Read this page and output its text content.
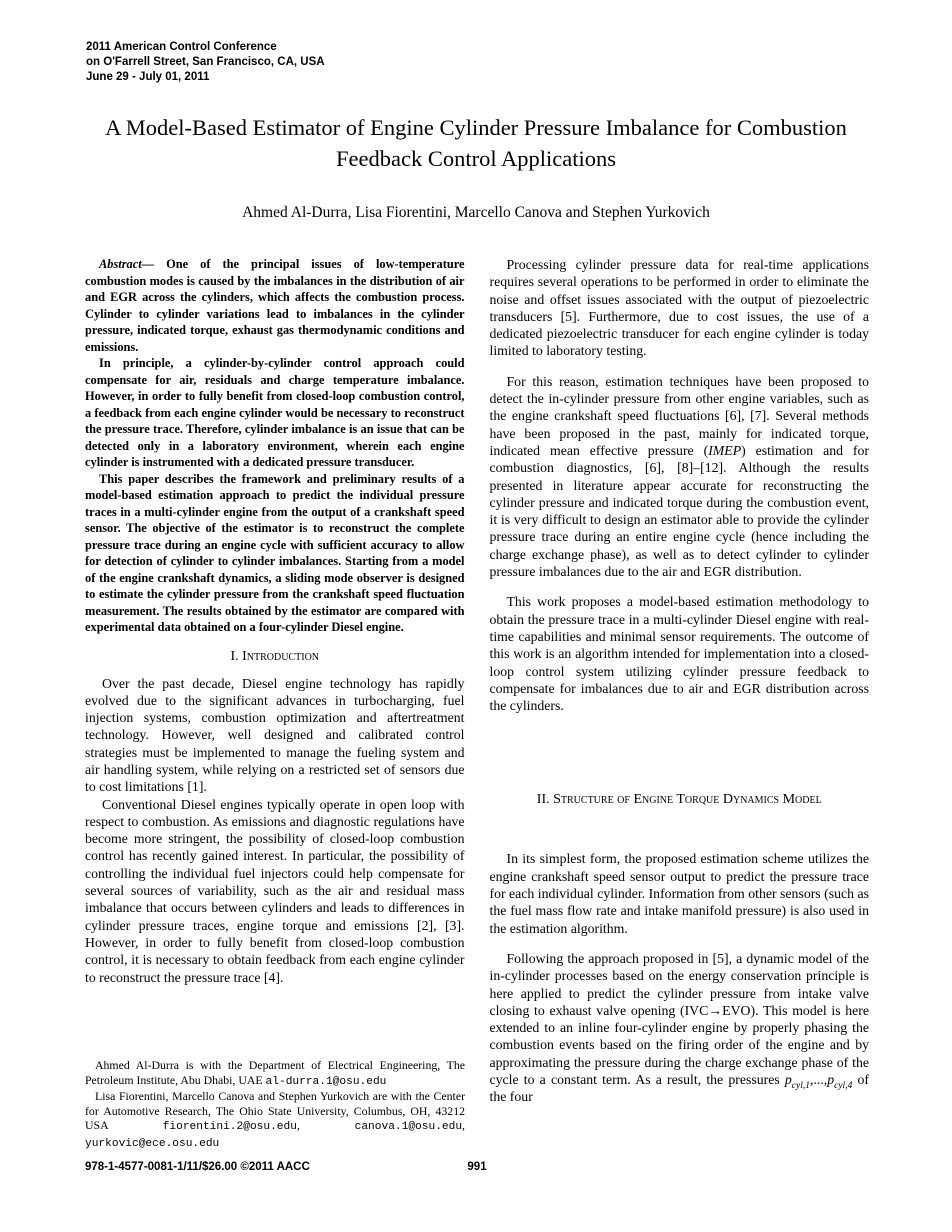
2011 American Control Conference
on O'Farrell Street, San Francisco, CA, USA
June 29 - July 01, 2011
A Model-Based Estimator of Engine Cylinder Pressure Imbalance for Combustion Feedback Control Applications
Ahmed Al-Durra, Lisa Fiorentini, Marcello Canova and Stephen Yurkovich

Abstract— One of the principal issues of low-temperature combustion modes is caused by the imbalances in the distribution of air and EGR across the cylinders, which affects the combustion process. Cylinder to cylinder variations lead to imbalances in the cylinder pressure, indicated torque, exhaust gas thermodynamic conditions and emissions.

In principle, a cylinder-by-cylinder control approach could compensate for air, residuals and charge temperature imbalance. However, in order to fully benefit from closed-loop combustion control, a feedback from each engine cylinder would be necessary to reconstruct the pressure trace. Therefore, cylinder imbalance is an issue that can be detected only in a laboratory environment, wherein each engine cylinder is instrumented with a dedicated pressure transducer.

This paper describes the framework and preliminary results of a model-based estimation approach to predict the individual pressure traces in a multi-cylinder engine from the output of a crankshaft speed sensor. The objective of the estimator is to reconstruct the complete pressure trace during an engine cycle with sufficient accuracy to allow for detection of cylinder to cylinder imbalances. Starting from a model of the engine crankshaft dynamics, a sliding mode observer is designed to estimate the cylinder pressure from the crankshaft speed fluctuation measurement. The results obtained by the estimator are compared with experimental data obtained on a four-cylinder Diesel engine.

I. Introduction

Over the past decade, Diesel engine technology has rapidly evolved due to the significant advances in turbocharging, fuel injection systems, combustion optimization and aftertreatment technology. However, well designed and calibrated control strategies must be implemented to manage the fueling system and air handling system, while relying on a restricted set of sensors due to cost limitations [1].

Conventional Diesel engines typically operate in open loop with respect to combustion. As emissions and diagnostic regulations have become more stringent, the possibility of closed-loop combustion control has recently gained interest. In particular, the possibility of controlling the individual fuel injectors could help compensate for several sources of variability, such as the air and residual mass imbalance that occurs between cylinders and leads to differences in cylinder pressure traces, engine torque and emissions [2], [3]. However, in order to fully benefit from closed-loop combustion control, it is necessary to obtain feedback from each engine cylinder to reconstruct the pressure trace [4].

Processing cylinder pressure data for real-time applications requires several operations to be performed in order to eliminate the noise and offset issues associated with the output of piezoelectric transducers [5]. Furthermore, due to cost issues, the use of a dedicated piezoelectric transducer for each engine cylinder is today limited to laboratory testing.

For this reason, estimation techniques have been proposed to detect the in-cylinder pressure from other engine variables, such as the engine crankshaft speed fluctuations [6], [7]. Several methods have been proposed in the past, mainly for indicated torque, indicated mean effective pressure (IMEP) estimation and for combustion diagnostics, [6], [8]–[12]. Although the results presented in literature appear accurate for reconstructing the cylinder pressure and indicated torque during the combustion event, it is very difficult to design an estimator able to provide the cylinder pressure trace during an entire engine cycle (hence including the charge exchange phase), as well as to detect cylinder to cylinder pressure imbalances due to the air and EGR distribution.

This work proposes a model-based estimation methodology to obtain the pressure trace in a multi-cylinder Diesel engine with real-time capabilities and minimal sensor requirements. The outcome of this work is an algorithm intended for implementation into a closed-loop control system utilizing cylinder pressure feedback to compensate for imbalances due to air and EGR distribution across the cylinders.

II. Structure of Engine Torque Dynamics Model

In its simplest form, the proposed estimation scheme utilizes the engine crankshaft speed sensor output to predict the pressure trace for each individual cylinder. Information from other sensors (such as the fuel mass flow rate and intake manifold pressure) is also used in the estimation algorithm.

Following the approach proposed in [5], a dynamic model of the in-cylinder processes based on the energy conservation principle is here applied to predict the cylinder pressure from intake valve closing to exhaust valve opening (IVC→EVO). This model is here extended to an inline four-cylinder engine by properly phasing the combustion events based on the firing order of the engine and by approximating the pressure during the charge exchange phase of the cycle to a constant term. As a result, the pressures $p_{cyl,1},...,p_{cyl,4}$ of the four

Ahmed Al-Durra is with the Department of Electrical Engineering, The Petroleum Institute, Abu Dhabi, UAE al-durra.1@osu.edu

Lisa Fiorentini, Marcello Canova and Stephen Yurkovich are with the Center for Automotive Research, The Ohio State University, Columbus, OH, 43212 USA fiorentini.2@osu.edu, canova.1@osu.edu, yurkovic@ece.osu.edu

978-1-4577-0081-1/11/$26.00 ©2011 AACC	991
